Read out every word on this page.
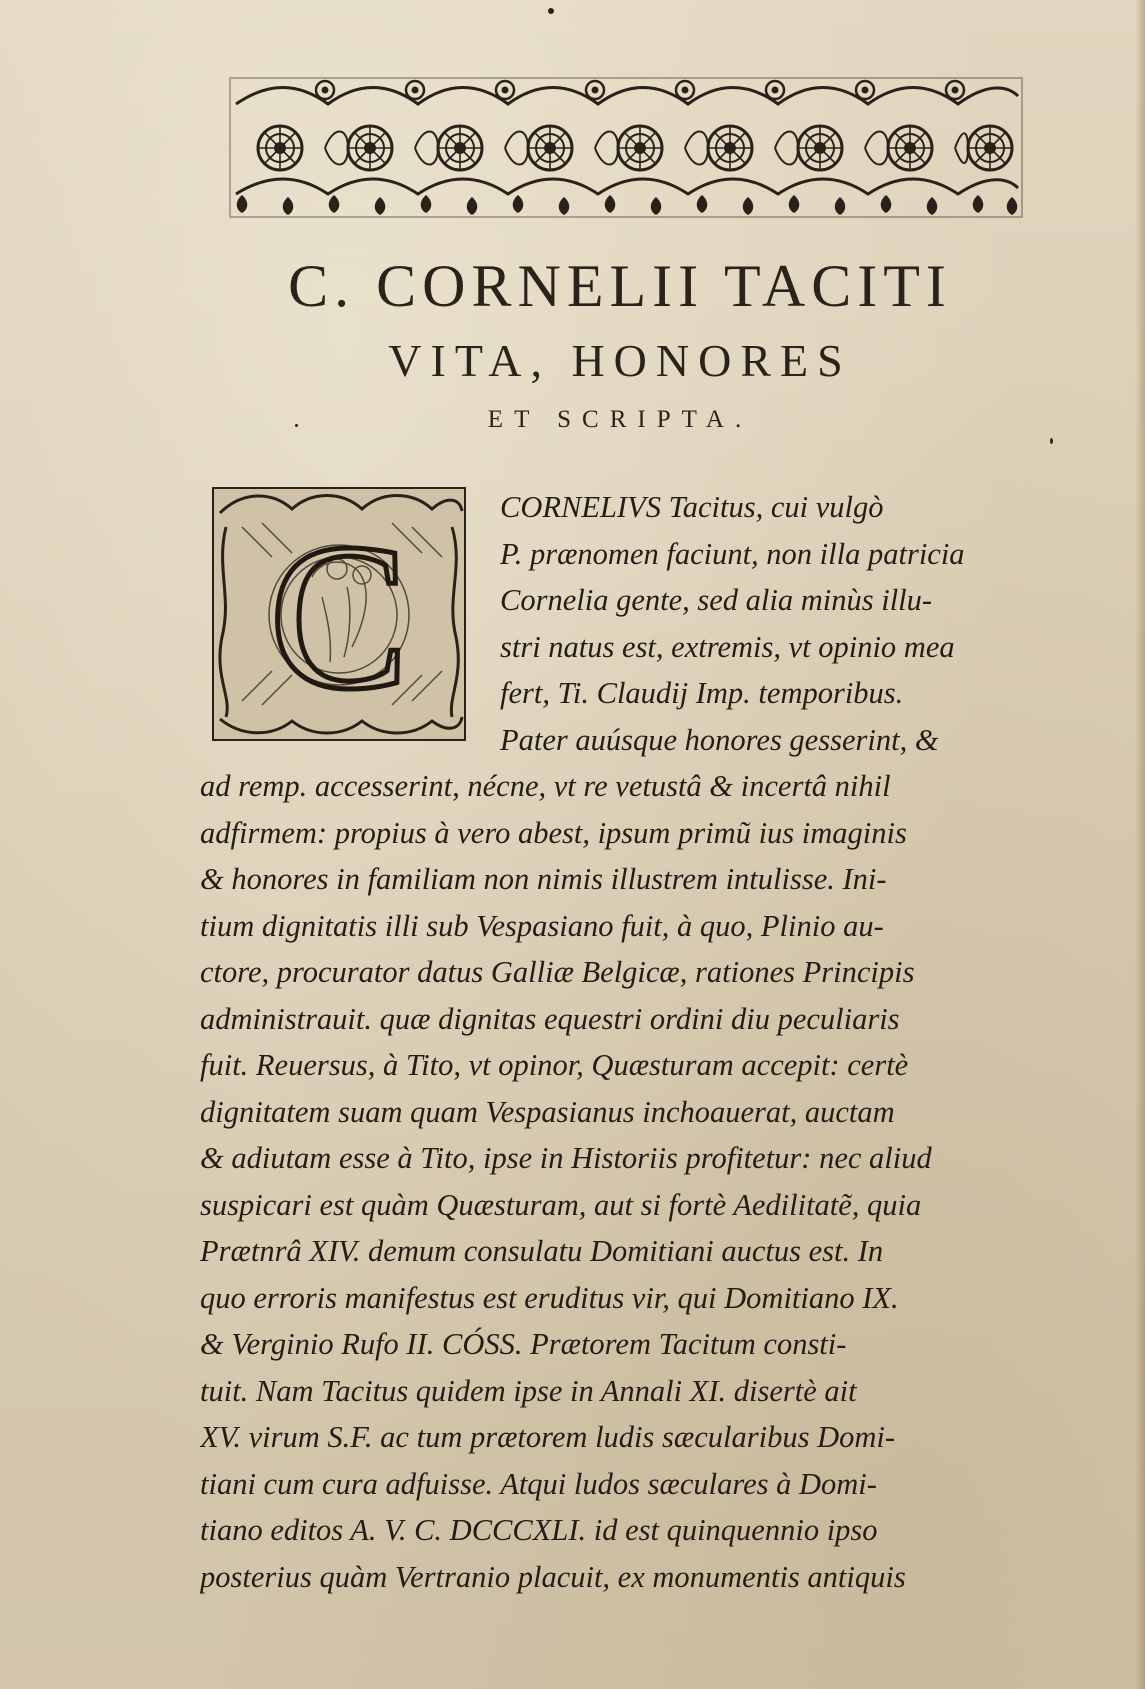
C. CORNELII TACITI
VITA, HONORES
ET SCRIPTA.
C	CORNELIVS Tacitus, cui vulgò
P. prænomen faciunt, non illa patricia
Cornelia gente, sed alia minùs illu-
stri natus est, extremis, vt opinio mea
fert, Ti. Claudij Imp. temporibus.
Pater auúsque honores gesserint, &
ad remp. accesserint, nécne, vt re vetustâ & incertâ nihil
adfirmem: propius à vero abest, ipsum primũ ius imaginis
& honores in familiam non nimis illustrem intulisse. Ini-
tium dignitatis illi sub Vespasiano fuit, à quo, Plinio au-
ctore, procurator datus Galliæ Belgicæ, rationes Principis
administrauit. quæ dignitas equestri ordini diu peculiaris
fuit. Reuersus, à Tito, vt opinor, Quæsturam accepit: certè
dignitatem suam quam Vespasianus inchoauerat, auctam
& adiutam esse à Tito, ipse in Historiis profitetur: nec aliud
suspicari est quàm Quæsturam, aut si fortè Aedilitatẽ, quia
Prætnrâ XIV. demum consulatu Domitiani auctus est. In
quo erroris manifestus est eruditus vir, qui Domitiano IX.
& Verginio Rufo II. CÓSS. Prætorem Tacitum consti-
tuit. Nam Tacitus quidem ipse in Annali XI. disertè ait
XV. virum S.F. ac tum prætorem ludis sæcularibus Domi-
tiani cum cura adfuisse. Atqui ludos sæculares à Domi-
tiano editos A. V. C. DCCCXLI. id est quinquennio ipso
posterius quàm Vertranio placuit, ex monumentis antiquis
